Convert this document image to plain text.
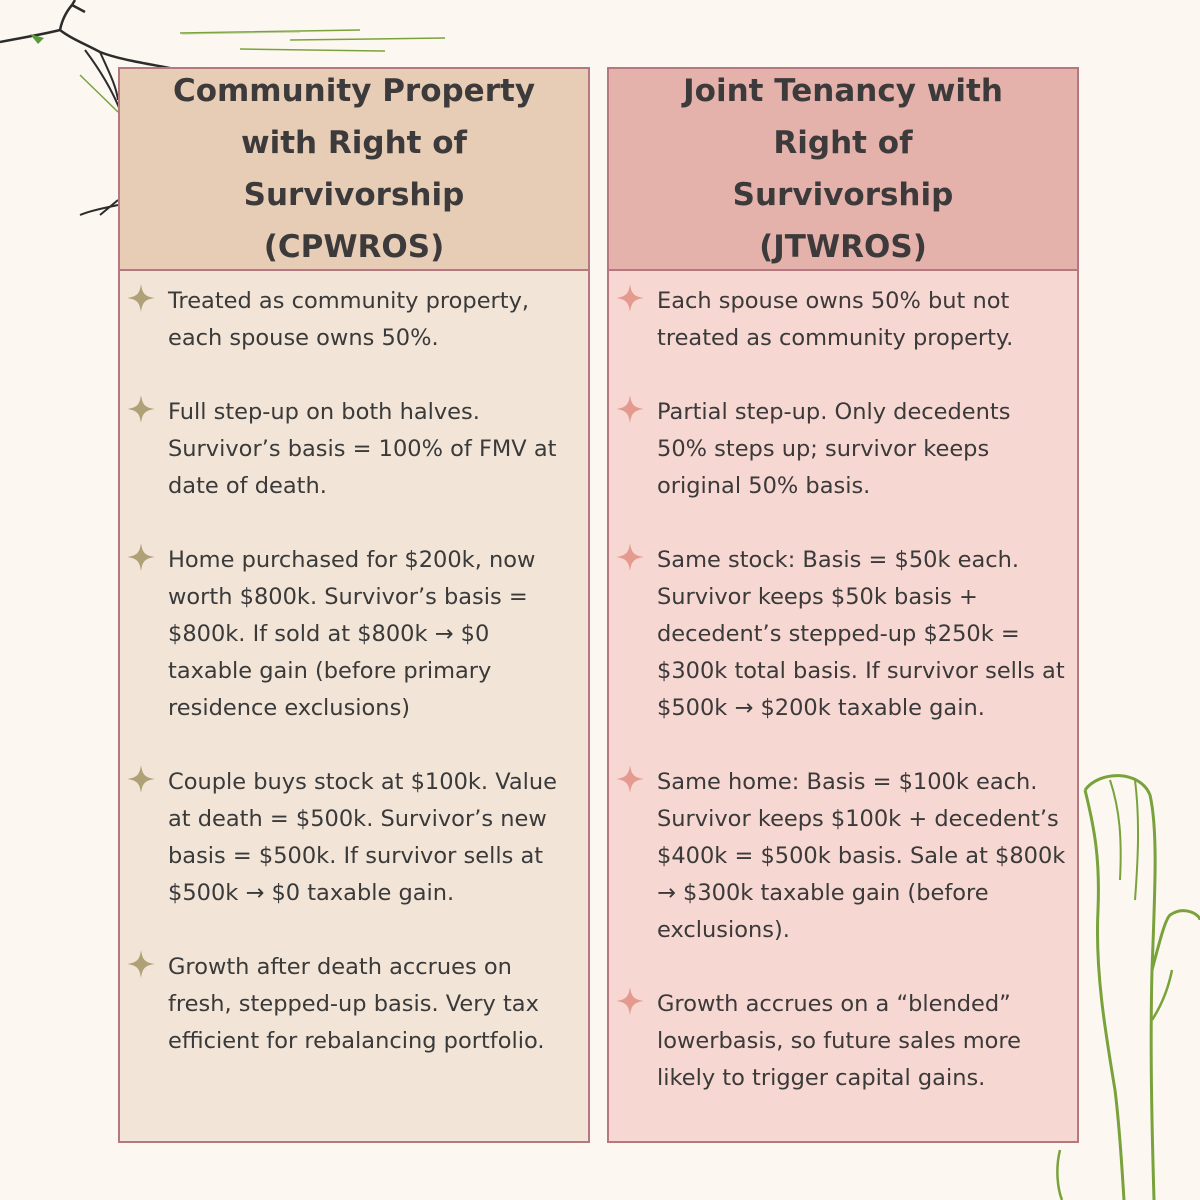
Community Property
with Right of
Survivorship
(CPWROS)
Treated as community property, each spouse owns 50%.
Full step-up on both halves. Survivor’s basis = 100% of FMV at date of death.
Home purchased for $200k, now worth $800k. Survivor’s basis = $800k. If sold at $800k → $0 taxable gain (before primary residence exclusions)
Couple buys stock at $100k. Value at death = $500k. Survivor’s new basis = $500k. If survivor sells at $500k → $0 taxable gain.
Growth after death accrues on fresh, stepped-up basis. Very tax efficient for rebalancing portfolio.
Joint Tenancy with
Right of
Survivorship
(JTWROS)
Each spouse owns 50% but not treated as community property.
Partial step-up. Only decedents 50% steps up; survivor keeps original 50% basis.
Same stock: Basis = $50k each. Survivor keeps $50k basis + decedent’s stepped-up $250k = $300k total basis. If survivor sells at $500k → $200k taxable gain.
Same home: Basis = $100k each. Survivor keeps $100k + decedent’s $400k = $500k basis. Sale at $800k → $300k taxable gain (before exclusions).
Growth accrues on a “blended” lowerbasis, so future sales more likely to trigger capital gains.
